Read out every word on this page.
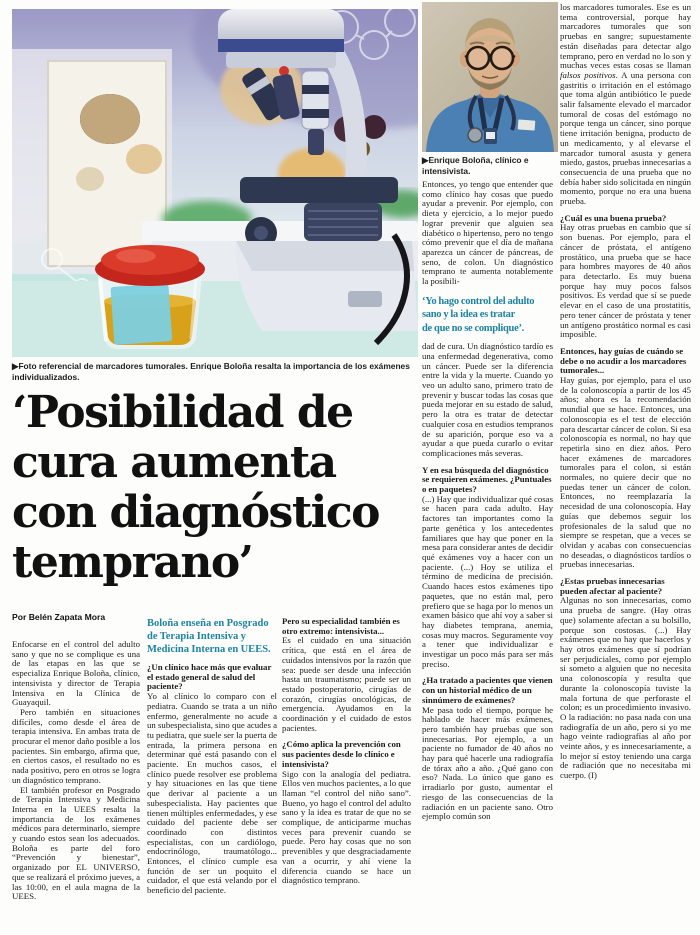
▶Foto referencial de marcadores tumorales. Enrique Boloña resalta la importancia de los exámenes individualizados.
▶Enrique Boloña, clínico e intensivista.
‘Posibilidad de
cura aumenta
con diagnóstico
temprano’
Por Belén Zapata Mora

Enfocarse en el control del adulto sano y que no se complique es una de las etapas en las que se especializa Enrique Boloña, clínico, intensivista y director de Terapia Intensiva en la Clínica de Guayaquil.

Pero también en situaciones difíciles, como desde el área de terapia intensiva. En ambas trata de procurar el menor daño posible a los pacientes. Sin embargo, afirma que, en ciertos casos, el resultado no es nada positivo, pero en otros se logra un diagnóstico temprano.

El también profesor en Posgrado de Terapia Intensiva y Medicina Interna en la UEES resalta la importancia de los exámenes médicos para determinarlo, siempre y cuando estos sean los adecuados. Boloña es parte del foro “Prevención y bienestar”, organizado por EL UNIVERSO, que se realizará el próximo jueves, a las 10:00, en el aula magna de la UEES.

Boloña enseña en Posgrado
de Terapia Intensiva y
Medicina Interna en UEES.

¿Un clínico hace más que evaluar el estado general de salud del paciente?

Yo al clínico lo comparo con el pediatra. Cuando se trata a un niño enfermo, generalmente no acude a un subespecialista, sino que acudes a tu pediatra, que suele ser la puerta de entrada, la primera persona en determinar qué está pasando con el paciente. En muchos casos, el clínico puede resolver ese problema y hay situaciones en las que tiene que derivar al paciente a un subespecialista. Hay pacientes que tienen múltiples enfermedades, y ese cuidado del paciente debe ser coordinado con distintos especialistas, con un cardiólogo, endocrinólogo, traumatólogo... Entonces, el clínico cumple esa función de ser un poquito el cuidador, el que está velando por el beneficio del paciente.

Pero su especialidad también es otro extremo: intensivista...

Es el cuidado en una situación crítica, que está en el área de cuidados intensivos por la razón que sea: puede ser desde una infección hasta un traumatismo; puede ser un estado postoperatorio, cirugías de corazón, cirugías oncológicas, de emergencia. Ayudamos en la coordinación y el cuidado de estos pacientes.

¿Cómo aplica la prevención con sus pacientes desde lo clínico e intensivista?

Sigo con la analogía del pediatra. Ellos ven muchos pacientes, a lo que llaman “el control del niño sano”. Bueno, yo hago el control del adulto sano y la idea es tratar de que no se complique, de anticiparme muchas veces para prevenir cuando se puede. Pero hay cosas que no son prevenibles y que desgraciadamente van a ocurrir, y ahí viene la diferencia cuando se hace un diagnóstico temprano.

Entonces, yo tengo que entender que como clínico hay cosas que puedo ayudar a prevenir. Por ejemplo, con dieta y ejercicio, a lo mejor puedo lograr prevenir que alguien sea diabético o hipertenso, pero no tengo cómo prevenir que el día de mañana aparezca un cáncer de páncreas, de seno, de colon. Un diagnóstico temprano te aumenta notablemente la posibili-

‘Yo hago control del adulto
sano y la idea es tratar
de que no se complique’.

dad de cura. Un diagnóstico tardío es una enfermedad degenerativa, como un cáncer. Puede ser la diferencia entre la vida y la muerte. Cuando yo veo un adulto sano, primero trato de prevenir y buscar todas las cosas que pueda mejorar en su estado de salud, pero la otra es tratar de detectar cualquier cosa en estudios tempranos de su aparición, porque eso va a ayudar a que pueda curarlo o evitar complicaciones más severas.

Y en esa búsqueda del diagnóstico se requieren exámenes. ¿Puntuales o en paquetes?

(...) Hay que individualizar qué cosas se hacen para cada adulto. Hay factores tan importantes como la parte genética y los antecedentes familiares que hay que poner en la mesa para considerar antes de decidir qué exámenes voy a hacer con un paciente. (...) Hoy se utiliza el término de medicina de precisión. Cuando haces estos exámenes tipo paquetes, que no están mal, pero prefiero que se haga por lo menos un examen básico que ahí voy a saber si hay diabetes temprana, anemia, cosas muy macros. Seguramente voy a tener que individualizar e investigar un poco más para ser más preciso.

¿Ha tratado a pacientes que vienen con un historial médico de un sinnúmero de exámenes?

Me pasa todo el tiempo, porque he hablado de hacer más exámenes, pero también hay pruebas que son innecesarias. Por ejemplo, a un paciente no fumador de 40 años no hay para qué hacerle una radiografía de tórax año a año. ¿Qué gano con eso? Nada. Lo único que gano es irradiarlo por gusto, aumentar el riesgo de las consecuencias de la radiación en un paciente sano. Otro ejemplo común son

los marcadores tumorales. Ese es un tema controversial, porque hay marcadores tumorales que son pruebas en sangre; supuestamente están diseñadas para detectar algo temprano, pero en verdad no lo son y muchas veces estas cosas se llaman falsos positivos. A una persona con gastritis o irritación en el estómago que toma algún antibiótico le puede salir falsamente elevado el marcador tumoral de cosas del estómago no porque tenga un cáncer, sino porque tiene irritación benigna, producto de un medicamento, y al elevarse el marcador tumoral asusta y genera miedo, gastos, pruebas innecesarias a consecuencia de una prueba que no debía haber sido solicitada en ningún momento, porque no era una buena prueba.

¿Cuál es una buena prueba?

Hay otras pruebas en cambio que sí son buenas. Por ejemplo, para el cáncer de próstata, el antígeno prostático, una prueba que se hace para hombres mayores de 40 años para detectarlo. Es muy buena porque hay muy pocos falsos positivos. Es verdad que sí se puede elevar en el caso de una prostatitis, pero tener cáncer de próstata y tener un antígeno prostático normal es casi imposible.

Entonces, hay guías de cuándo se debe o no acudir a los marcadores tumorales...

Hay guías, por ejemplo, para el uso de la colonoscopía a partir de los 45 años; ahora es la recomendación mundial que se hace. Entonces, una colonoscopia es el test de elección para descartar cáncer de colon. Si esa colonoscopía es normal, no hay que repetirla sino en diez años. Pero hacer exámenes de marcadores tumorales para el colon, si están normales, no quiere decir que no puedas tener un cáncer de colon. Entonces, no reemplazaría la necesidad de una colonoscopía. Hay guías que debemos seguir los profesionales de la salud que no siempre se respetan, que a veces se olvidan y acabas con consecuencias no deseadas, o diagnósticos tardíos o pruebas innecesarias.

¿Estas pruebas innecesarias pueden afectar al paciente?

Algunas no son innecesarias, como una prueba de sangre. (Hay otras que) solamente afectan a su bolsillo, porque son costosas. (...) Hay exámenes que no hay que hacerlos y hay otros exámenes que sí podrían ser perjudiciales, como por ejemplo si someto a alguien que no necesita una colonoscopía y resulta que durante la colonoscopía tuviste la mala fortuna de que perforaste el colon; es un procedimiento invasivo. O la radiación: no pasa nada con una radiografía de un año, pero si yo me hago veinte radiografías al año por veinte años, y es innecesariamente, a lo mejor sí estoy teniendo una carga de radiación que no necesitaba mi cuerpo. (I)
